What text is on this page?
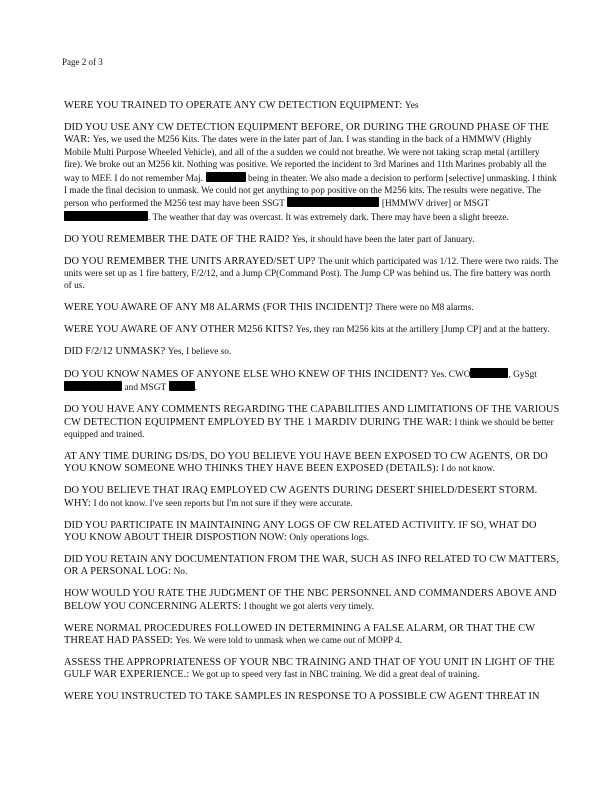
Page 2 of 3

WERE YOU TRAINED TO OPERATE ANY CW DETECTION EQUIPMENT: Yes

DID YOU USE ANY CW DETECTION EQUIPMENT BEFORE, OR DURING THE GROUND PHASE OF THE WAR: Yes, we used the M256 Kits. The dates were in the later part of Jan. I was standing in the back of a HMMWV (Highly Mobile Multi Purpose Wheeled Vehicle), and all of the a sudden we could not breathe. We were not taking scrap metal (artillery fire). We broke out an M256 kit. Nothing was positive. We reported the incident to 3rd Marines and 11th Marines probably all the way to MEF. I do not remember Maj.	being in theater. We also made a decision to perform [selective] unmasking. I think I made the final decision to unmask. We could not get anything to pop positive on the M256 kits. The results were negative. The person who performed the M256 test may have been SSGT	[HMMWV driver] or MSGT . The weather that day was overcast. It was extremely dark. There may have been a slight breeze.

DO YOU REMEMBER THE DATE OF THE RAID? Yes, it should have been the later part of January.

DO YOU REMEMBER THE UNITS ARRAYED/SET UP? The unit which participated was 1/12. There were two raids. The units were set up as 1 fire battery, F/2/12, and a Jump CP(Command Post). The Jump CP was behind us. The fire battery was north of us.

WERE YOU AWARE OF ANY M8 ALARMS (FOR THIS INCIDENT]? There were no M8 alarms.

WERE YOU AWARE OF ANY OTHER M256 KITS? Yes, they ran M256 kits at the artillery [Jump CP] and at the battery.

DID F/2/12 UNMASK? Yes, I believe so.

DO YOU KNOW NAMES OF ANYONE ELSE WHO KNEW OF THIS INCIDENT? Yes. CWO	, GySgt  and MSGT	.

DO YOU HAVE ANY COMMENTS REGARDING THE CAPABILITIES AND LIMITATIONS OF THE VARIOUS CW DETECTION EQUIPMENT EMPLOYED BY THE 1 MARDIV DURING THE WAR: I think we should be better equipped and trained.

AT ANY TIME DURING DS/DS, DO YOU BELIEVE YOU HAVE BEEN EXPOSED TO CW AGENTS, OR DO YOU KNOW SOMEONE WHO THINKS THEY HAVE BEEN EXPOSED (DETAILS): I do not know.

DO YOU BELIEVE THAT IRAQ EMPLOYED CW AGENTS DURING DESERT SHIELD/DESERT STORM. WHY: I do not know. I've seen reports but I'm not sure if they were accurate.

DID YOU PARTICIPATE IN MAINTAINING ANY LOGS OF CW RELATED ACTIVIITY. IF SO, WHAT DO YOU KNOW ABOUT THEIR DISPOSTION NOW: Only operations logs.

DID YOU RETAIN ANY DOCUMENTATION FROM THE WAR, SUCH AS INFO RELATED TO CW MATTERS, OR A PERSONAL LOG: No.

HOW WOULD YOU RATE THE JUDGMENT OF THE NBC PERSONNEL AND COMMANDERS ABOVE AND BELOW YOU CONCERNING ALERTS: I thought we got alerts very timely.

WERE NORMAL PROCEDURES FOLLOWED IN DETERMINING A FALSE ALARM, OR THAT THE CW THREAT HAD PASSED: Yes. We were told to unmask when we came out of MOPP 4.

ASSESS THE APPROPRIATENESS OF YOUR NBC TRAINING AND THAT OF YOU UNIT IN LIGHT OF THE GULF WAR EXPERIENCE.: We got up to speed very fast in NBC training. We did a great deal of training.

WERE YOU INSTRUCTED TO TAKE SAMPLES IN RESPONSE TO A POSSIBLE CW AGENT THREAT IN
